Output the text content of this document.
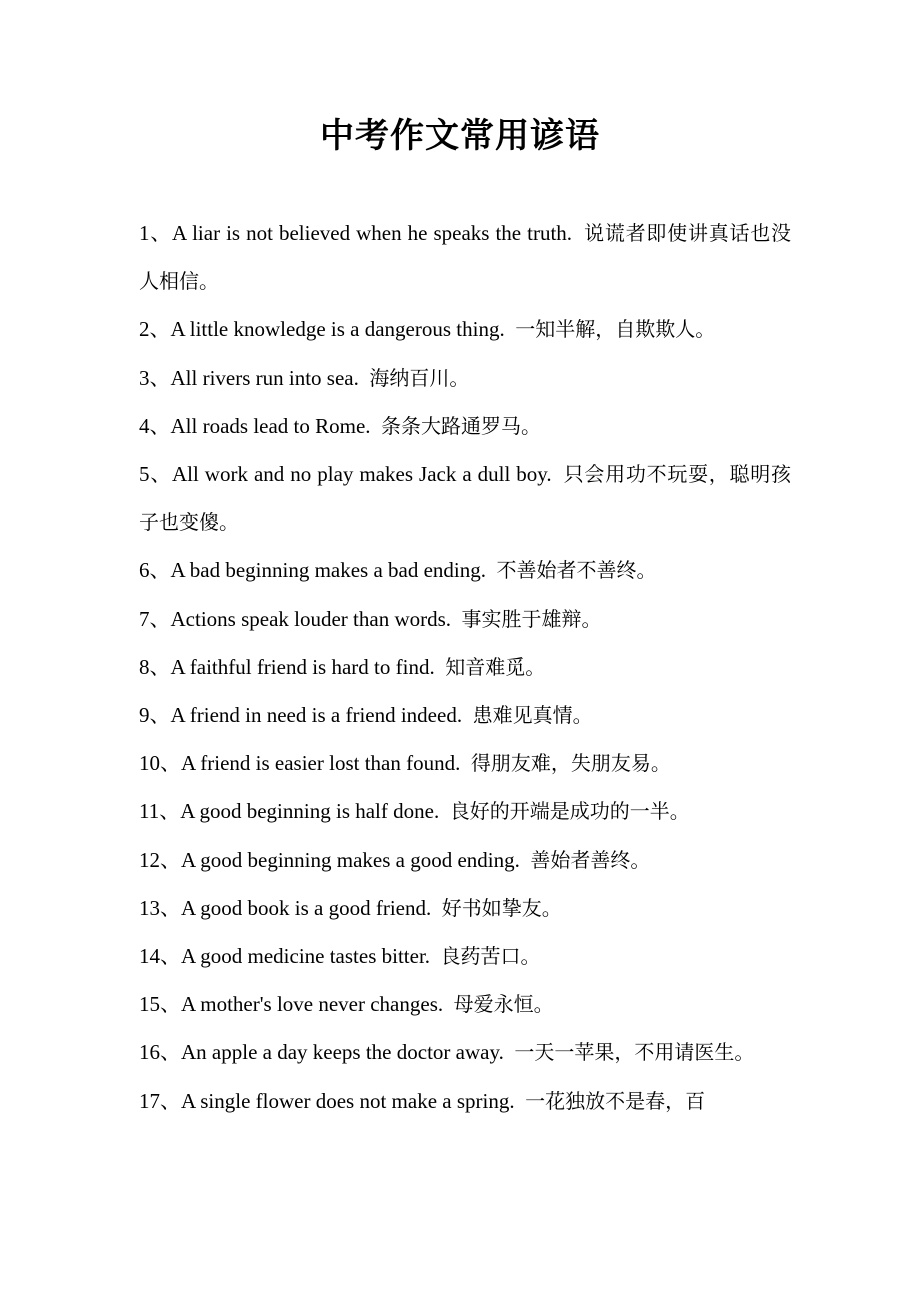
中考作文常用谚语
1、A liar is not believed when he speaks the truth. 说谎者即使讲真话也没人相信。
2、A little knowledge is a dangerous thing. 一知半解，自欺欺人。
3、All rivers run into sea. 海纳百川。
4、All roads lead to Rome. 条条大路通罗马。
5、All work and no play makes Jack a dull boy. 只会用功不玩耍，聪明孩子也变傻。
6、A bad beginning makes a bad ending. 不善始者不善终。
7、Actions speak louder than words. 事实胜于雄辩。
8、A faithful friend is hard to find. 知音难觅。
9、A friend in need is a friend indeed. 患难见真情。
10、A friend is easier lost than found. 得朋友难，失朋友易。
11、A good beginning is half done. 良好的开端是成功的一半。
12、A good beginning makes a good ending. 善始者善终。
13、A good book is a good friend. 好书如挚友。
14、A good medicine tastes bitter. 良药苦口。
15、A mother's love never changes. 母爱永恒。
16、An apple a day keeps the doctor away. 一天一苹果，不用请医生。
17、A single flower does not make a spring. 一花独放不是春，百
